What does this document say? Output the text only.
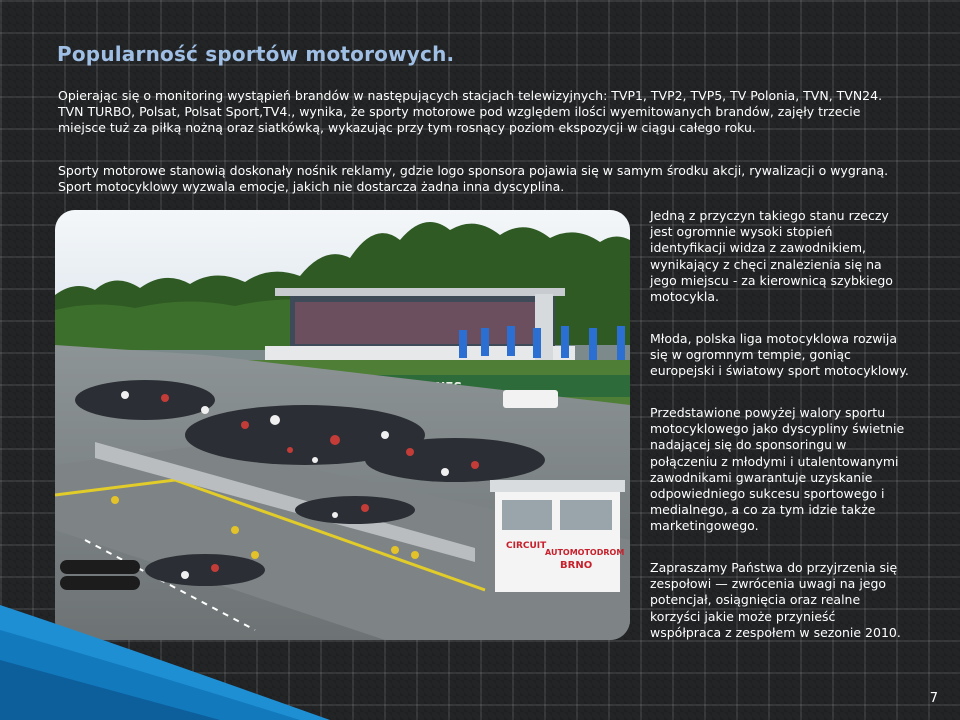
Popularność sportów motorowych.

Opierając się o monitoring wystąpień brandów w następujących stacjach telewizyjnych: TVP1, TVP2, TVP5, TV Polonia, TVN, TVN24. TVN TURBO, Polsat, Polsat Sport,TV4., wynika, że sporty motorowe pod względem ilości wyemitowanych brandów, zajęły trzecie miejsce tuż za piłką nożną oraz siatkówką, wykazując przy tym rosnący poziom ekspozycji w ciągu całego roku.

Sporty motorowe stanowią doskonały nośnik reklamy, gdzie logo sponsora pojawia się w samym środku akcji, rywalizacji o wygraną. Sport motocyklowy wyzwala emocje, jakich nie dostarcza żadna inna dyscyplina.

CIRCUIT
AUTOMOTODROM
BRNO

Jedną z przyczyn takiego stanu rzeczy jest ogromnie wysoki stopień identyfikacji widza z zawodnikiem, wynikający z chęci znalezienia się na jego miejscu - za kierownicą szybkiego motocykla.

Młoda, polska liga motocyklowa rozwija się w ogromnym tempie, goniąc europejski i światowy sport motocyklowy.

Przedstawione powyżej walory sportu motocyklowego jako dyscypliny świetnie nadającej się do sponsoringu w połączeniu z młodymi i utalentowanymi zawodnikami gwarantuje uzyskanie odpowiedniego sukcesu sportowego i medialnego, a co za tym idzie także marketingowego.

Zapraszamy Państwa do przyjrzenia się zespołowi — zwrócenia uwagi na jego potencjał, osiągnięcia oraz realne korzyści jakie może przynieść współpraca z zespołem w sezonie 2010.

7
